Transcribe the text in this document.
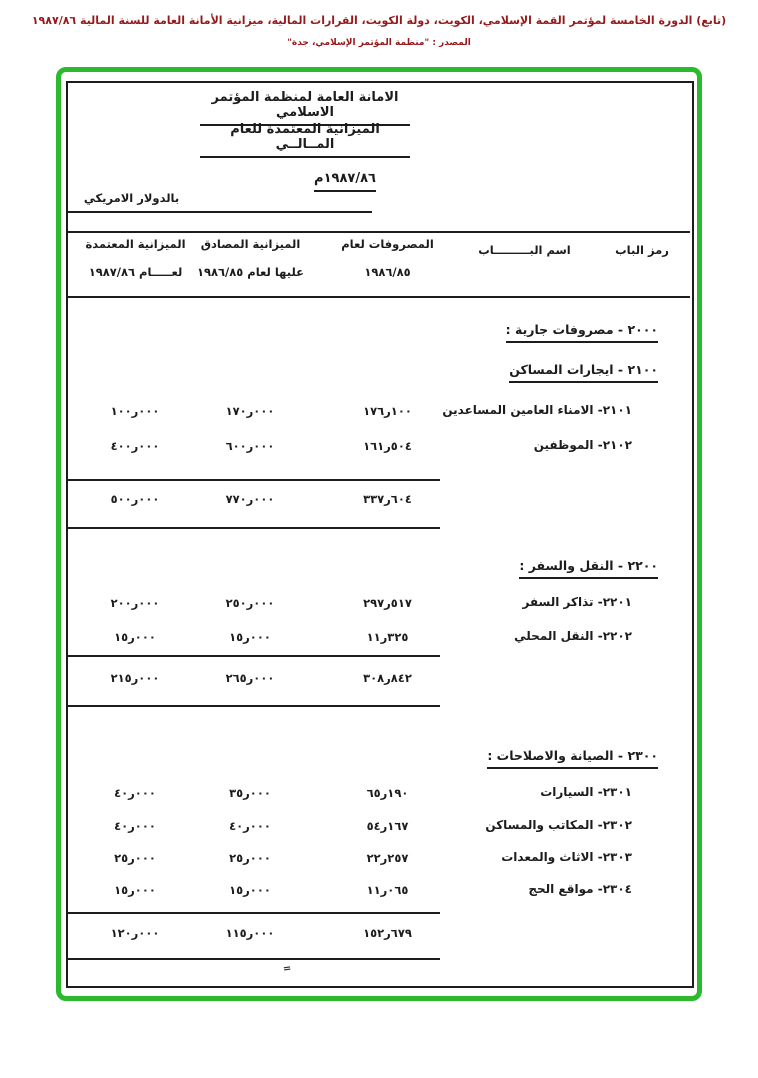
(تابع) الدورة الخامسة لمؤتمر القمة الإسلامي، الكويت، دولة الكويت، القرارات المالية، ميزانية الأمانة العامة للسنة المالية ١٩٨٧/٨٦
المصدر : "منظمة المؤتمر الإسلامي، جدة"
الامانة العامة لمنظمة المؤتمر الاسلامي
الميزانية المعتمدة للعام المــالــي
١٩٨٧/٨٦م
بالدولار الامريكي
رمز الباب
اسم البـــــــــاب
المصروفات لعام
١٩٨٦/٨٥
الميزانية المصادق
عليها لعام ١٩٨٦/٨٥
الميزانية المعتمدة
لعـــــام ١٩٨٧/٨٦
٢٠٠٠ - مصروفات جارية :
٢١٠٠ - ايجارات المساكن
٢١٠١- الامناء العامين المساعدين
١٧٦ر١٠٠
١٧٠ر٠٠٠
١٠٠ر٠٠٠
٢١٠٢- الموظفين
١٦١ر٥٠٤
٦٠٠ر٠٠٠
٤٠٠ر٠٠٠
٣٣٧ر٦٠٤
٧٧٠ر٠٠٠
٥٠٠ر٠٠٠
٢٢٠٠ - النقل والسفر :
٢٢٠١- تذاكر السفر
٢٩٧ر٥١٧
٢٥٠ر٠٠٠
٢٠٠ر٠٠٠
٢٢٠٢- النقل المحلي
١١ر٣٢٥
١٥ر٠٠٠
١٥ر٠٠٠
٣٠٨ر٨٤٢
٢٦٥ر٠٠٠
٢١٥ر٠٠٠
٢٣٠٠ - الصيانة والاصلاحات :
٢٣٠١- السيارات
٦٥ر١٩٠
٣٥ر٠٠٠
٤٠ر٠٠٠
٢٣٠٢- المكاتب والمساكن
٥٤ر١٦٧
٤٠ر٠٠٠
٤٠ر٠٠٠
٢٣٠٣- الاثاث والمعدات
٢٢ر٢٥٧
٢٥ر٠٠٠
٢٥ر٠٠٠
٢٣٠٤- مواقع الحج
١١ر٠٦٥
١٥ر٠٠٠
١٥ر٠٠٠
١٥٢ر٦٧٩
١١٥ر٠٠٠
١٢٠ر٠٠٠
=
